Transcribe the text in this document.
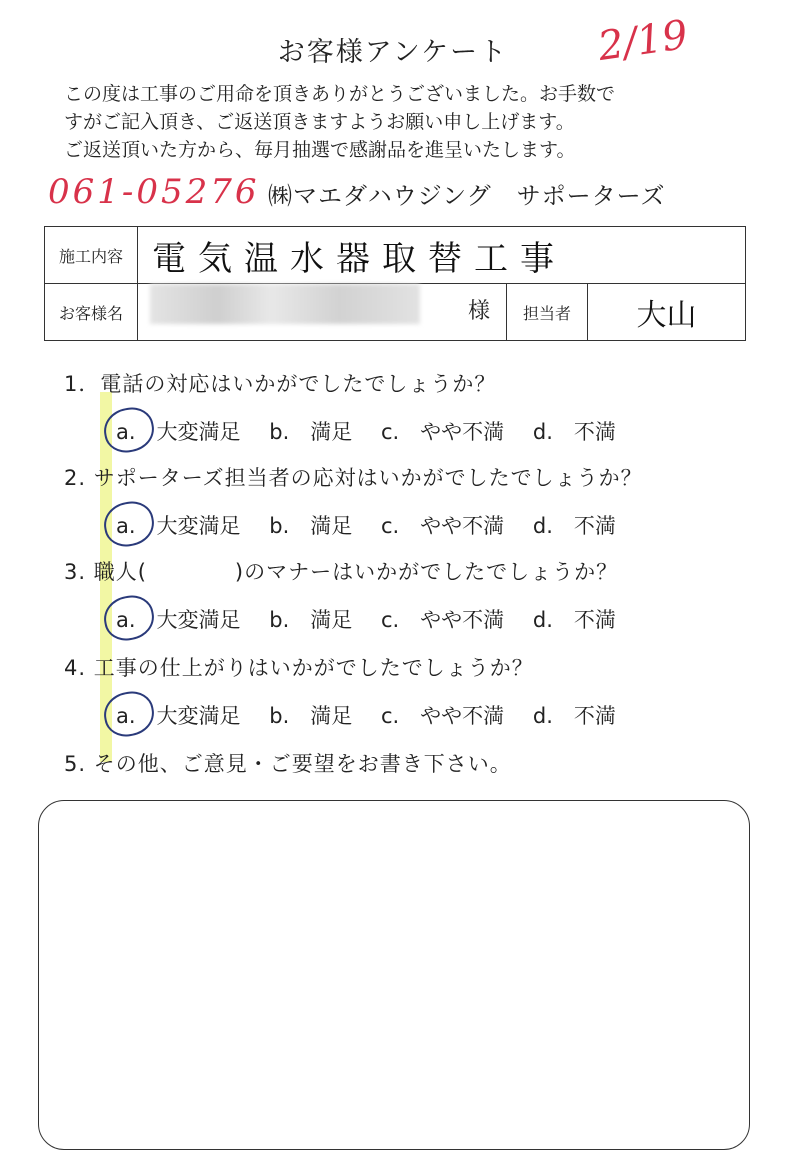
お客様アンケート	2/19
この度は工事のご用命を頂きありがとうございました。お手数で
すがご記入頂き、ご返送頂きますようお願い申し上げます。
ご返送頂いた方から、毎月抽選で感謝品を進呈いたします。
061-05276 ㈱マエダハウジング　サポーターズ
施工内容	電気温水器取替工事		
お客様名	様	担当者	大山
1．電話の対応はいかがでしたでしょうか？
a.　大変満足 b.　満足 c.　やや不満 d.　不満
2. サポーターズ担当者の応対はいかがでしたでしょうか？
a.　大変満足 b.　満足 c.　やや不満 d.　不満
3. 職人(　　　　)のマナーはいかがでしたでしょうか？
a.　大変満足 b.　満足 c.　やや不満 d.　不満
4. 工事の仕上がりはいかがでしたでしょうか？
a.　大変満足 b.　満足 c.　やや不満 d.　不満
5. その他、ご意見・ご要望をお書き下さい。
